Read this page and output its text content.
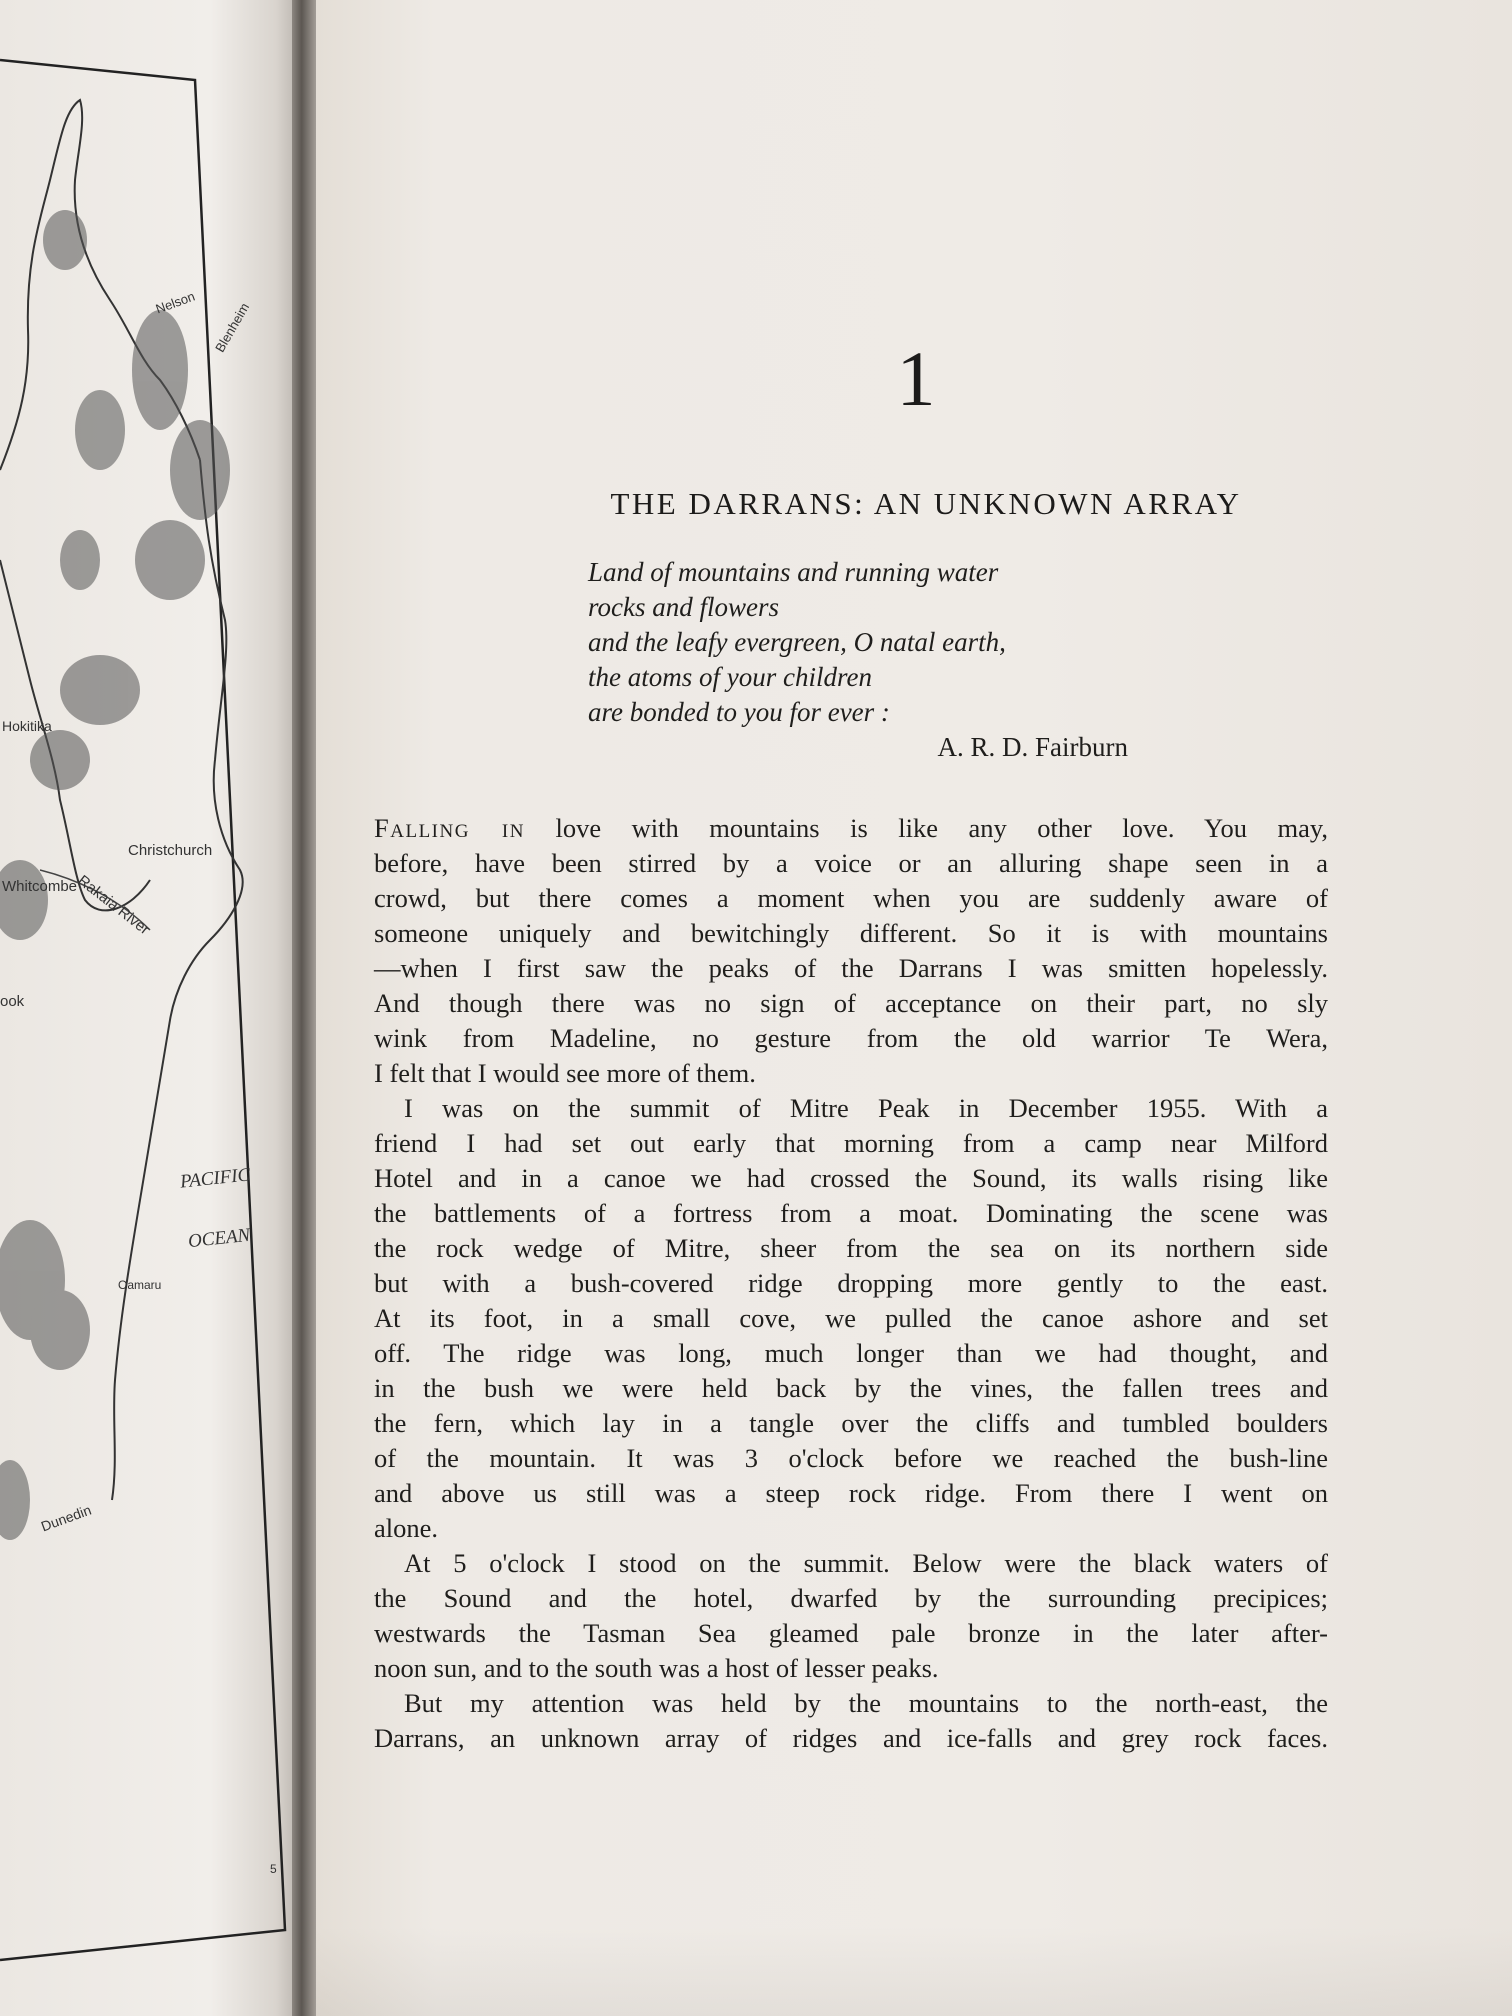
Nelson Blenheim
Hokitika
Christchurch
Whitcombe
Rakaia River
ook
PACIFIC
OCEAN
Oamaru
Dunedin
5
1
THE DARRANS: AN UNKNOWN ARRAY
Land of mountains and running water
rocks and flowers
and the leafy evergreen, O natal earth,
the atoms of your children
are bonded to you for ever :
A. R. D. Fairburn
Falling in love with mountains is like any other love. You may,
before, have been stirred by a voice or an alluring shape seen in a
crowd, but there comes a moment when you are suddenly aware of
someone uniquely and bewitchingly different. So it is with mountains
—when I first saw the peaks of the Darrans I was smitten hopelessly.
And though there was no sign of acceptance on their part, no sly
wink from Madeline, no gesture from the old warrior Te Wera,
I felt that I would see more of them.
I was on the summit of Mitre Peak in December 1955. With a
friend I had set out early that morning from a camp near Milford
Hotel and in a canoe we had crossed the Sound, its walls rising like
the battlements of a fortress from a moat. Dominating the scene was
the rock wedge of Mitre, sheer from the sea on its northern side
but with a bush-covered ridge dropping more gently to the east.
At its foot, in a small cove, we pulled the canoe ashore and set
off. The ridge was long, much longer than we had thought, and
in the bush we were held back by the vines, the fallen trees and
the fern, which lay in a tangle over the cliffs and tumbled boulders
of the mountain. It was 3 o'clock before we reached the bush-line
and above us still was a steep rock ridge. From there I went on
alone.
At 5 o'clock I stood on the summit. Below were the black waters of
the Sound and the hotel, dwarfed by the surrounding precipices;
westwards the Tasman Sea gleamed pale bronze in the later after-
noon sun, and to the south was a host of lesser peaks.
But my attention was held by the mountains to the north-east, the
Darrans, an unknown array of ridges and ice-falls and grey rock faces.
